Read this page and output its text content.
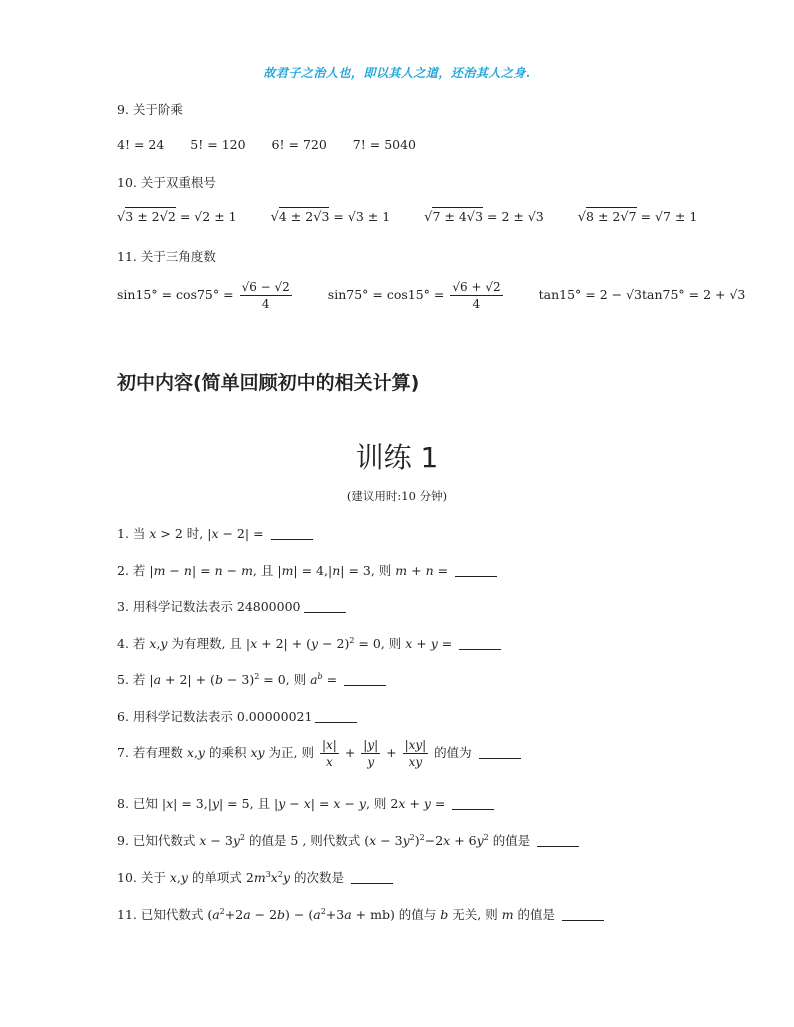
故君子之治人也，即以其人之道，还治其人之身.
9. 关于阶乘
4! = 24 5! = 120 6! = 720 7! = 5040
10. 关于双重根号
√3 ± 2√2 = √2 ± 1	√4 ± 2√3 = √3 ± 1	√7 ± 4√3 = 2 ± √3	√8 ± 2√7 = √7 ± 1
11. 关于三角度数
$\sin 15^\circ = \cos 75^\circ = \frac{√6 - √2}{4}$	$\sin 75^\circ = \cos 15^\circ = \frac{√6 + √2}{4}$	tan15° = 2 − √3tan75° = 2 + √3
初中内容(简单回顾初中的相关计算)
训练 1
(建议用时:10 分钟)
1. 当 x > 2 时, |x − 2| =
2. 若 |m − n| = n − m, 且 |m| = 4,|n| = 3, 则 m + n =
3. 用科学记数法表示 24800000
4. 若 x,y 为有理数, 且 $|x + 2| + (y - 2)^2 = 0$, 则 x + y =
5. 若 $|a + 2| + (b - 3)^2 = 0$, 则 $a^b$ =
6. 用科学记数法表示 0.00000021
7. 若有理数 x,y 的乘积 xy 为正, 则 $\frac{|x|}{x} + \frac{|y|}{y} + \frac{|xy|}{xy}$ 的值为
8. 已知 |x| = 3,|y| = 5, 且 |y − x| = x − y, 则 2x + y =
9. 已知代数式 $x - 3y^2$ 的值是 5 , 则代数式 $(x - 3y^2)^2-2x + 6y^2$ 的值是
10. 关于 x,y 的单项式 $2m^3x^2y$ 的次数是
11. 已知代数式 $(a^2+2a - 2b) - (a^2+3a + mb)$ 的值与 b 无关, 则 m 的值是
